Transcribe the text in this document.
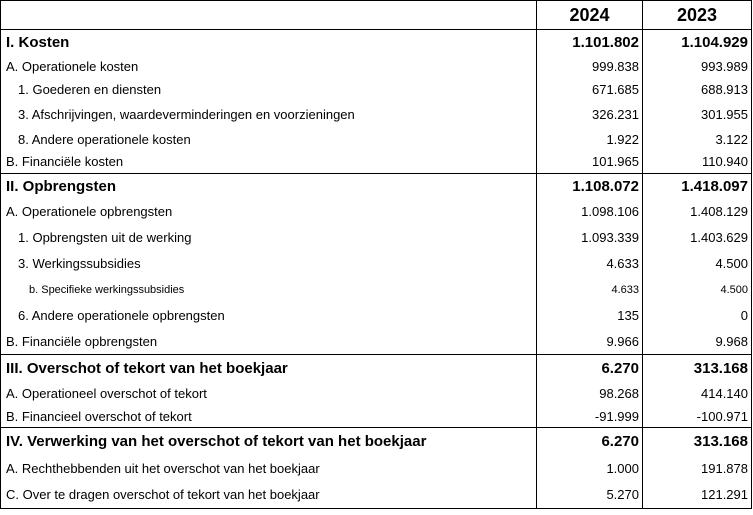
	2024	2023
I. Kosten	1.101.802	1.104.929
A. Operationele kosten	999.838	993.989
1. Goederen en diensten	671.685	688.913
3. Afschrijvingen, waardeverminderingen en voorzieningen	326.231	301.955
8. Andere operationele kosten	1.922	3.122
B. Financiële kosten	101.965	110.940
II. Opbrengsten	1.108.072	1.418.097
A. Operationele opbrengsten	1.098.106	1.408.129
1. Opbrengsten uit de werking	1.093.339	1.403.629
3. Werkingssubsidies	4.633	4.500
b. Specifieke werkingssubsidies	4.633	4.500
6. Andere operationele opbrengsten	135	0
B. Financiële opbrengsten	9.966	9.968
III. Overschot of tekort van het boekjaar	6.270	313.168
A. Operationeel overschot of tekort	98.268	414.140
B. Financieel overschot of tekort	-91.999	-100.971
IV. Verwerking van het overschot of tekort van het boekjaar	6.270	313.168
A. Rechthebbenden uit het overschot van het boekjaar	1.000	191.878
C. Over te dragen overschot of tekort van het boekjaar	5.270	121.291
